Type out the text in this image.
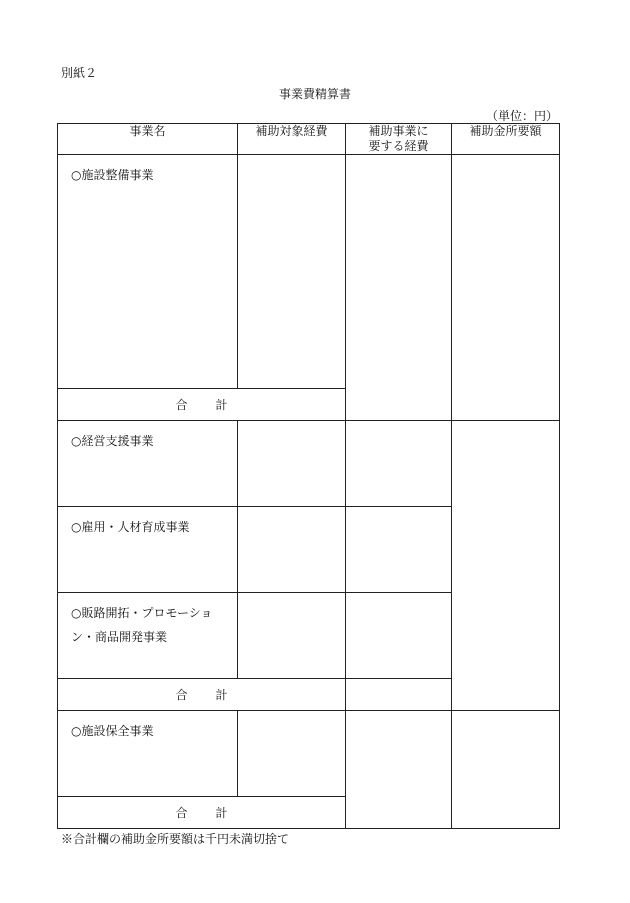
別紙２
事業費精算書
（単位：円）
事業名	補助対象経費	補助事業に
要する経費	補助金所要額
○施設整備事業			
合 計			
○経営支援事業			
○雇用・人材育成事業			
○販路開拓・プロモーショ
ン・商品開発事業			
合 計			
○施設保全事業			
合 計			
※合計欄の補助金所要額は千円未満切捨て
